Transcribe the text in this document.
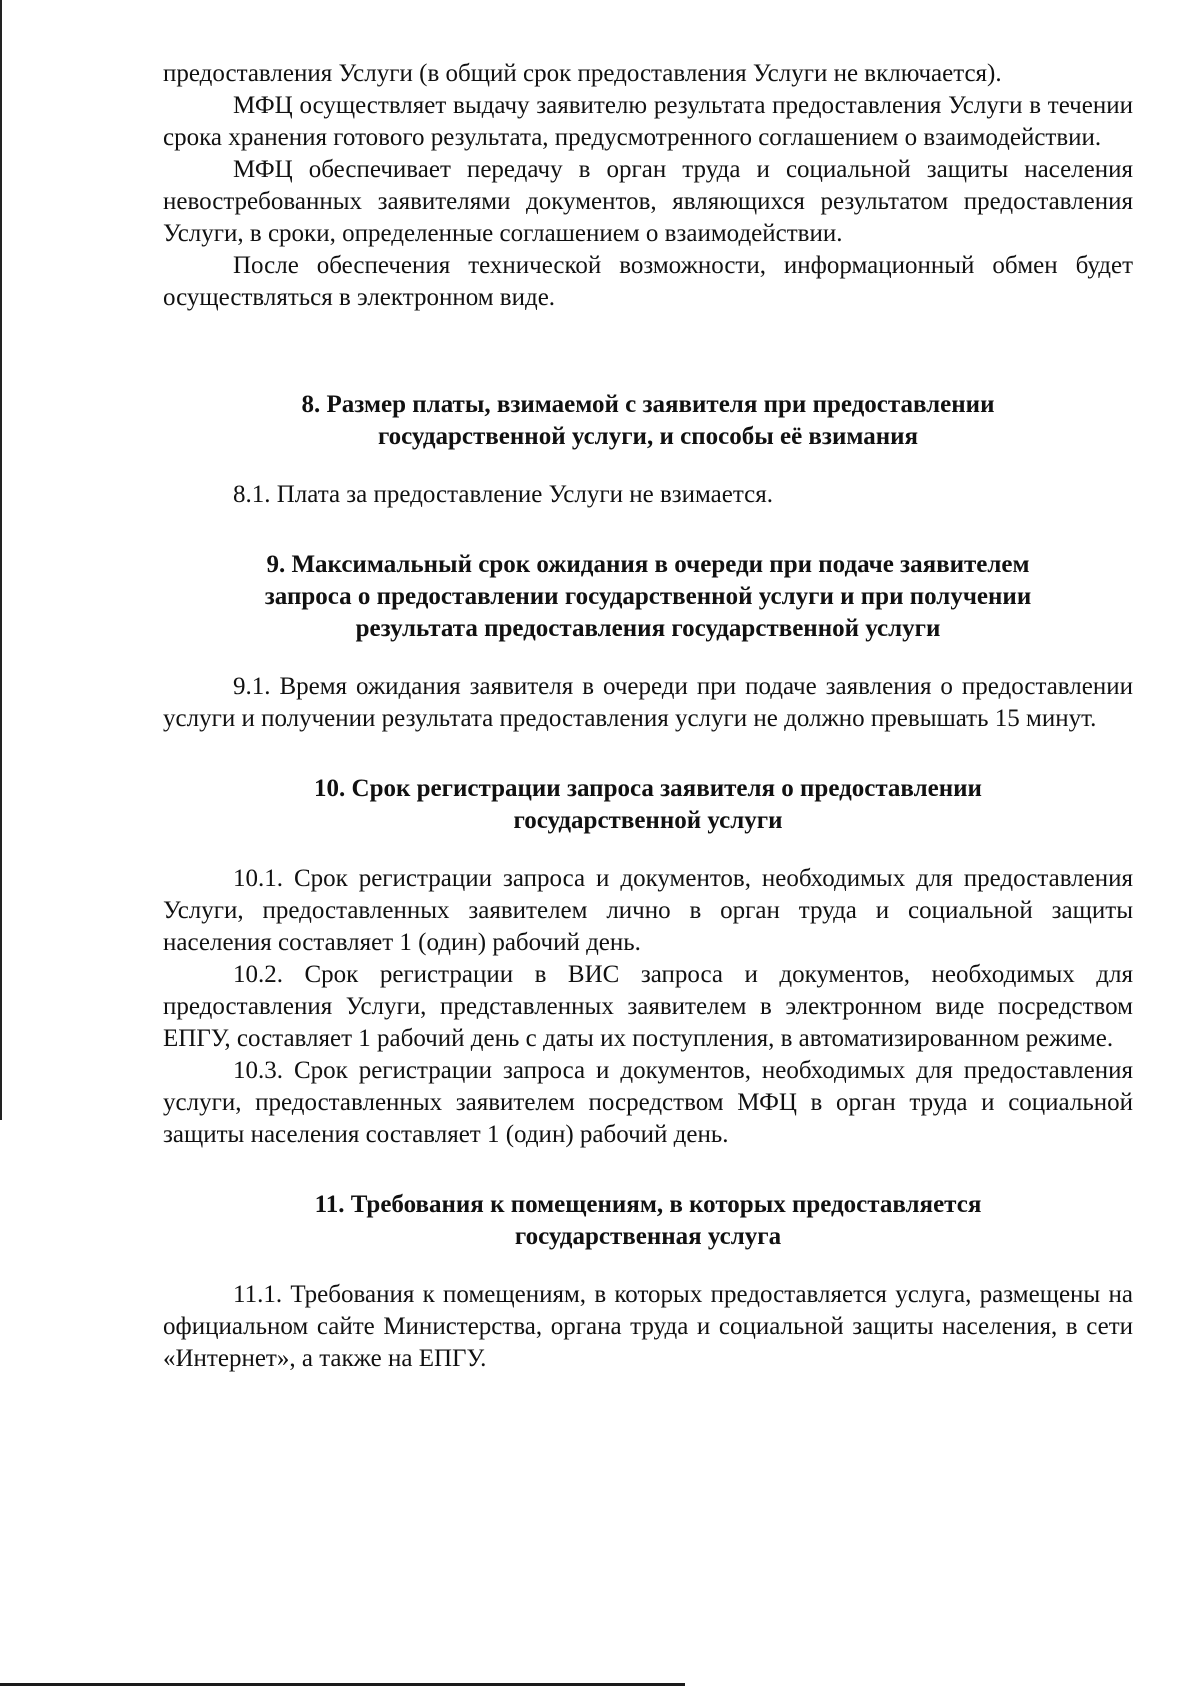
предоставления Услуги (в общий срок предоставления Услуги не включается).

МФЦ осуществляет выдачу заявителю результата предоставления Услуги в течении срока хранения готового результата, предусмотренного соглашением о взаимодействии.

МФЦ обеспечивает передачу в орган труда и социальной защиты населения невостребованных заявителями документов, являющихся результатом предоставления Услуги, в сроки, определенные соглашением о взаимодействии.

После обеспечения технической возможности, информационный обмен будет осуществляться в электронном виде.

8. Размер платы, взимаемой с заявителя при предоставлении государственной услуги, и способы её взимания

8.1. Плата за предоставление Услуги не взимается.

9. Максимальный срок ожидания в очереди при подаче заявителем запроса о предоставлении государственной услуги и при получении результата предоставления государственной услуги

9.1. Время ожидания заявителя в очереди при подаче заявления о предоставлении услуги и получении результата предоставления услуги не должно превышать 15 минут.

10. Срок регистрации запроса заявителя о предоставлении государственной услуги

10.1. Срок регистрации запроса и документов, необходимых для предоставления Услуги, предоставленных заявителем лично в орган труда и социальной защиты населения составляет 1 (один) рабочий день.

10.2. Срок регистрации в ВИС запроса и документов, необходимых для предоставления Услуги, представленных заявителем в электронном виде посредством ЕПГУ, составляет 1 рабочий день с даты их поступления, в автоматизированном режиме.

10.3. Срок регистрации запроса и документов, необходимых для предоставления услуги, предоставленных заявителем посредством МФЦ в орган труда и социальной защиты населения составляет 1 (один) рабочий день.

11. Требования к помещениям, в которых предоставляется государственная услуга

11.1. Требования к помещениям, в которых предоставляется услуга, размещены на официальном сайте Министерства, органа труда и социальной защиты населения, в сети «Интернет», а также на ЕПГУ.
